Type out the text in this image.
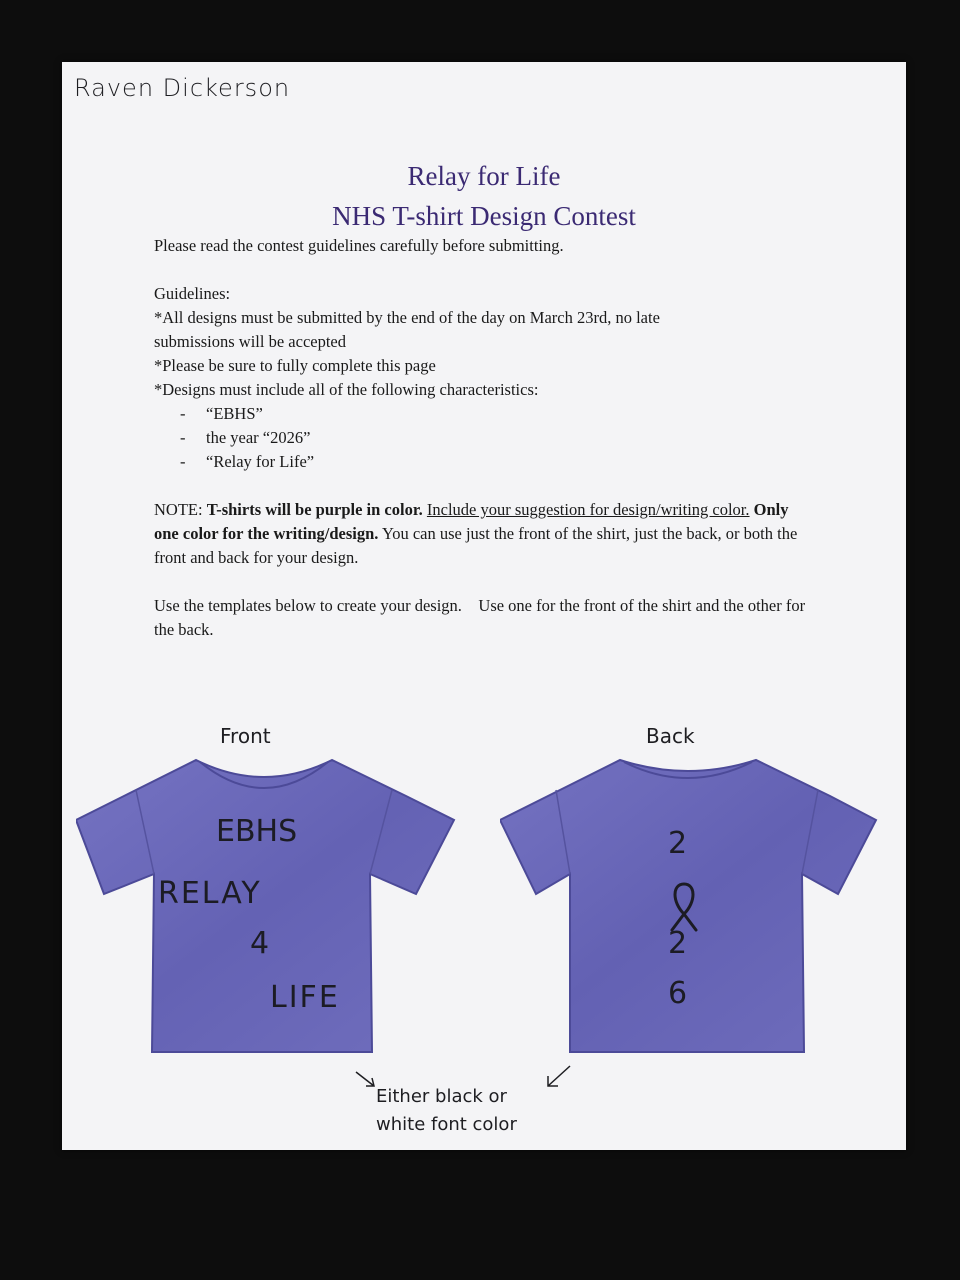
Raven Dickerson
Relay for Life
NHS T-shirt Design Contest

Please read the contest guidelines carefully before submitting.

Guidelines:

*All designs must be submitted by the end of the day on March 23rd, no late

submissions will be accepted

*Please be sure to fully complete this page

*Designs must include all of the following characteristics:

- “EBHS”
- the year “2026”
- “Relay for Life”

NOTE: T-shirts will be purple in color. Include your suggestion for design/writing color. Only one color for the writing/design. You can use just the front of the shirt, just the back, or both the front and back for your design.

Use the templates below to create your design.    Use one for the front of the shirt and the other for the back.

Front	Back
EBHS
RELAY
4
LIFE
2
2
6
Either black or
white font color
